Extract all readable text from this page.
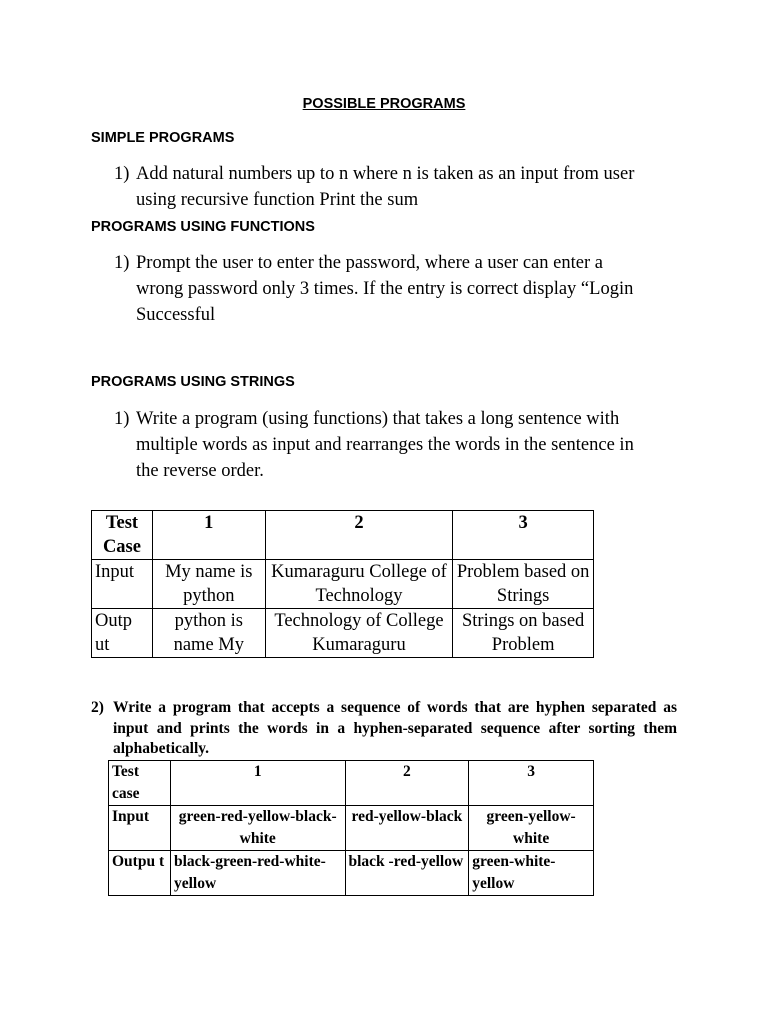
POSSIBLE PROGRAMS
SIMPLE PROGRAMS
1) Add natural numbers up to n where n is taken as an input from user
using recursive function Print the sum
PROGRAMS USING FUNCTIONS
1) Prompt the user to enter the password, where a user can enter a
wrong password only 3 times. If the entry is correct display “Login
Successful
PROGRAMS USING STRINGS
1) Write a program (using functions) that takes a long sentence with
multiple words as input and rearranges the words in the sentence in
the reverse order.
Test Case	1	2	3
Input	My name is python	Kumaraguru College of Technology	Problem based on Strings
Outp ut	python is name My	Technology of College Kumaraguru	Strings on based Problem
2) Write a program that accepts a sequence of words that are hyphen separated as input and prints the words in a hyphen-separated sequence after sorting them alphabetically.
Test case	1	2	3
Input	green-red-yellow-black-white	red-yellow-black	green-yellow-white
Outpu t	black-green-red-white-yellow	black -red-yellow	green-white-yellow
